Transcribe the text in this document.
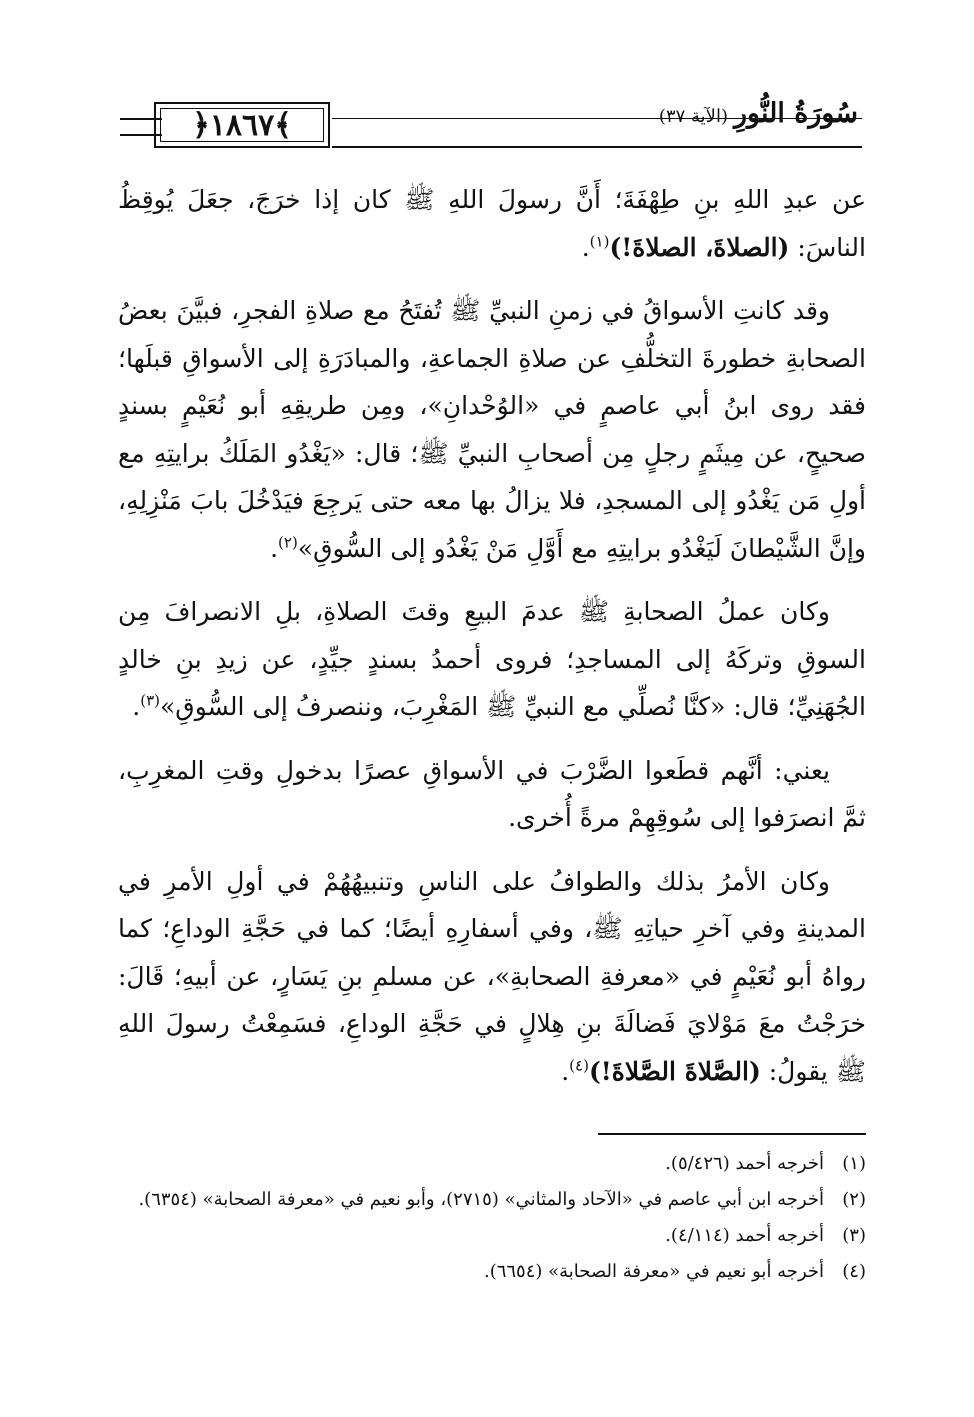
﴿١٨٦٧﴾	سُورَةُ النُّورِ(الآية ٣٧)

عن عبدِ اللهِ بنِ طِهْفَةَ؛ أَنَّ رسولَ اللهِ ﷺ كان إذا خرَجَ، جعَلَ يُوقِظُ الناسَ: (الصلاةَ، الصلاةَ!)$^{(١)}$.

وقد كانتِ الأسواقُ في زمنِ النبيِّ ﷺ تُفتَحُ مع صلاةِ الفجرِ، فبيَّنَ بعضُ الصحابةِ خطورةَ التخلُّفِ عن صلاةِ الجماعةِ، والمبادَرَةِ إلى الأسواقِ قبلَها؛ فقد روى ابنُ أبي عاصمٍ في «الوُحْدانِ»، ومِن طريقِهِ أبو نُعَيْمٍ بسندٍ صحيحٍ، عن مِيثَمٍ رجلٍ مِن أصحابِ النبيِّ ﷺ؛ قال: «يَغْدُو المَلَكُ برايتِهِ مع أولِ مَن يَغْدُو إلى المسجدِ، فلا يزالُ بها معه حتى يَرجِعَ فيَدْخُلَ بابَ مَنْزِلِهِ، وإنَّ الشَّيْطانَ لَيَغْدُو برايتِهِ مع أَوَّلِ مَنْ يَغْدُو إلى السُّوقِ»$^{(٢)}$.

وكان عملُ الصحابةِ ﷺ عدمَ البيعِ وقتَ الصلاةِ، بلِ الانصرافَ مِن السوقِ وتركَهُ إلى المساجدِ؛ فروى أحمدُ بسندٍ جيِّدٍ، عن زيدِ بنِ خالدٍ الجُهَنِيِّ؛ قال: «كنَّا نُصلِّي مع النبيِّ ﷺ المَغْرِبَ، وننصرفُ إلى السُّوقِ»$^{(٣)}$.

يعني: أنَّهم قطَعوا الضَّرْبَ في الأسواقِ عصرًا بدخولِ وقتِ المغرِبِ، ثمَّ انصرَفوا إلى سُوقِهِمْ مرةً أُخرى.

وكان الأمرُ بذلك والطوافُ على الناسِ وتنبيهُهُمْ في أولِ الأمرِ في المدينةِ وفي آخرِ حياتِهِ ﷺ، وفي أسفارِهِ أيضًا؛ كما في حَجَّةِ الوداعِ؛ كما رواهُ أبو نُعَيْمٍ في «معرفةِ الصحابةِ»، عن مسلمِ بنِ يَسَارٍ، عن أبيهِ؛ قَالَ: خرَجْتُ معَ مَوْلايَ فَضالَةَ بنِ هِلالٍ في حَجَّةِ الوداعِ، فسَمِعْتُ رسولَ اللهِ ﷺ يقولُ: (الصَّلاةَ الصَّلاةَ!)$^{(٤)}$.

(١)
أخرجه أحمد (٥/٤٢٦).
(٢)
أخرجه ابن أبي عاصم في «الآحاد والمثاني» (٢٧١٥)، وأبو نعيم في «معرفة الصحابة» (٦٣٥٤).
(٣)
أخرجه أحمد (٤/١١٤).
(٤)
أخرجه أبو نعيم في «معرفة الصحابة» (٦٦٥٤).
